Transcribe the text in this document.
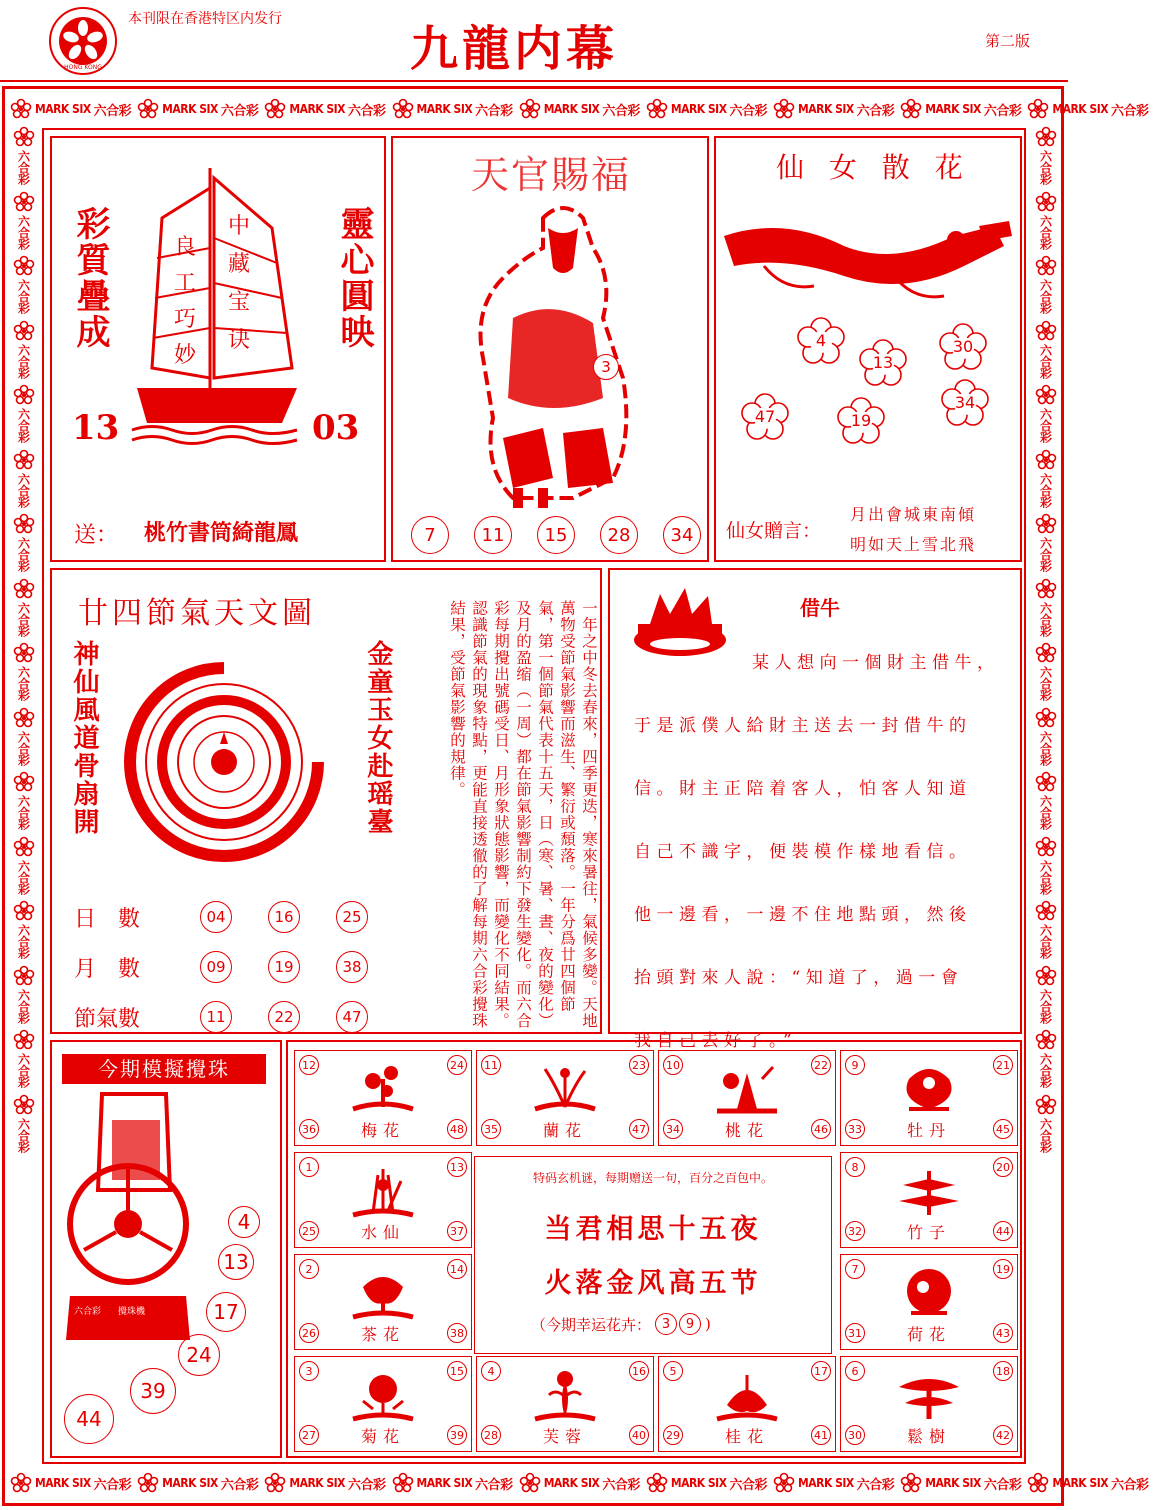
HONG KONG
本刊限在香港特区内发行
九龍内幕	第二版
MARK SIX 六合彩	MARK SIX 六合彩	MARK SIX 六合彩	MARK SIX 六合彩	MARK SIX 六合彩	MARK SIX 六合彩	MARK SIX 六合彩	MARK SIX 六合彩	MARK SIX 六合彩
MARK SIX 六合彩	MARK SIX 六合彩	MARK SIX 六合彩	MARK SIX 六合彩	MARK SIX 六合彩	MARK SIX 六合彩	MARK SIX 六合彩	MARK SIX 六合彩	MARK SIX 六合彩
六合彩
六合彩
六合彩
六合彩
六合彩
六合彩
六合彩
六合彩
六合彩
六合彩
六合彩
六合彩
六合彩
六合彩
六合彩
六合彩
六合彩
六合彩
六合彩
六合彩
六合彩
六合彩
六合彩
六合彩
六合彩
六合彩
六合彩
六合彩
六合彩
六合彩
六合彩
六合彩
彩質疊成	靈心圓映
良
工
巧
妙
中
藏
宝
诀
13	03
送： 桃竹書筒綺龍鳳
天官賜福
3
7	11	15	28	34
仙 女 散 花
4
13
30
47	19
34
仙女贈言：
月出會城東南傾
明如天上雪北飛
廿四節氣天文圖
神仙風道骨扇開	金童玉女赴瑶臺
日　數	04	16	25
月　數	09	19	38
節氣數	11	22	47	一年之中冬去春來，四季更迭，寒來暑往，氣候多變。天地萬物受節氣影響而滋生、繁衍或頹落。一年分爲廿四個節氣，第一個節氣代表十五天，日（寒、暑、晝、夜的變化）及月的盈缩（一周）都在節氣影響制約下發生變化。而六合彩每期攪出號碼受日、月形象狀態影響，而變化不同結果。認識節氣的現象特點，更能直接透徹的了解每期六合彩攪珠結果，受節氣影響的規律。	借牛
某人想向一個財主借牛，
于是派僕人給財主送去一封借牛的
信。財主正陪着客人，怕客人知道
自己不識字，便裝模作樣地看信。
他一邊看，一邊不住地點頭，然後
抬頭對來人說：“知道了，過一會
我自己去好了。”
今期模擬攪珠
六合彩 攪珠機
4
13
17
24
39
44
特码玄机谜，每期赠送一句，百分之百包中。
当君相思十五夜
火落金风高五节
（今期幸运花卉： 3	9 )
12	24
36	48
梅花
11	23
35	47
蘭花
10	22
34	46
桃花
9	21
33	45
牡丹
1	13
25	37
水仙
8	20
32	44
竹子
2	14
26	38
茶花
7	19
31	43
荷花
3	15
27	39
菊花
4	16
28	40
芙蓉
5	17
29	41
桂花
6	18
30	42
鬆樹
